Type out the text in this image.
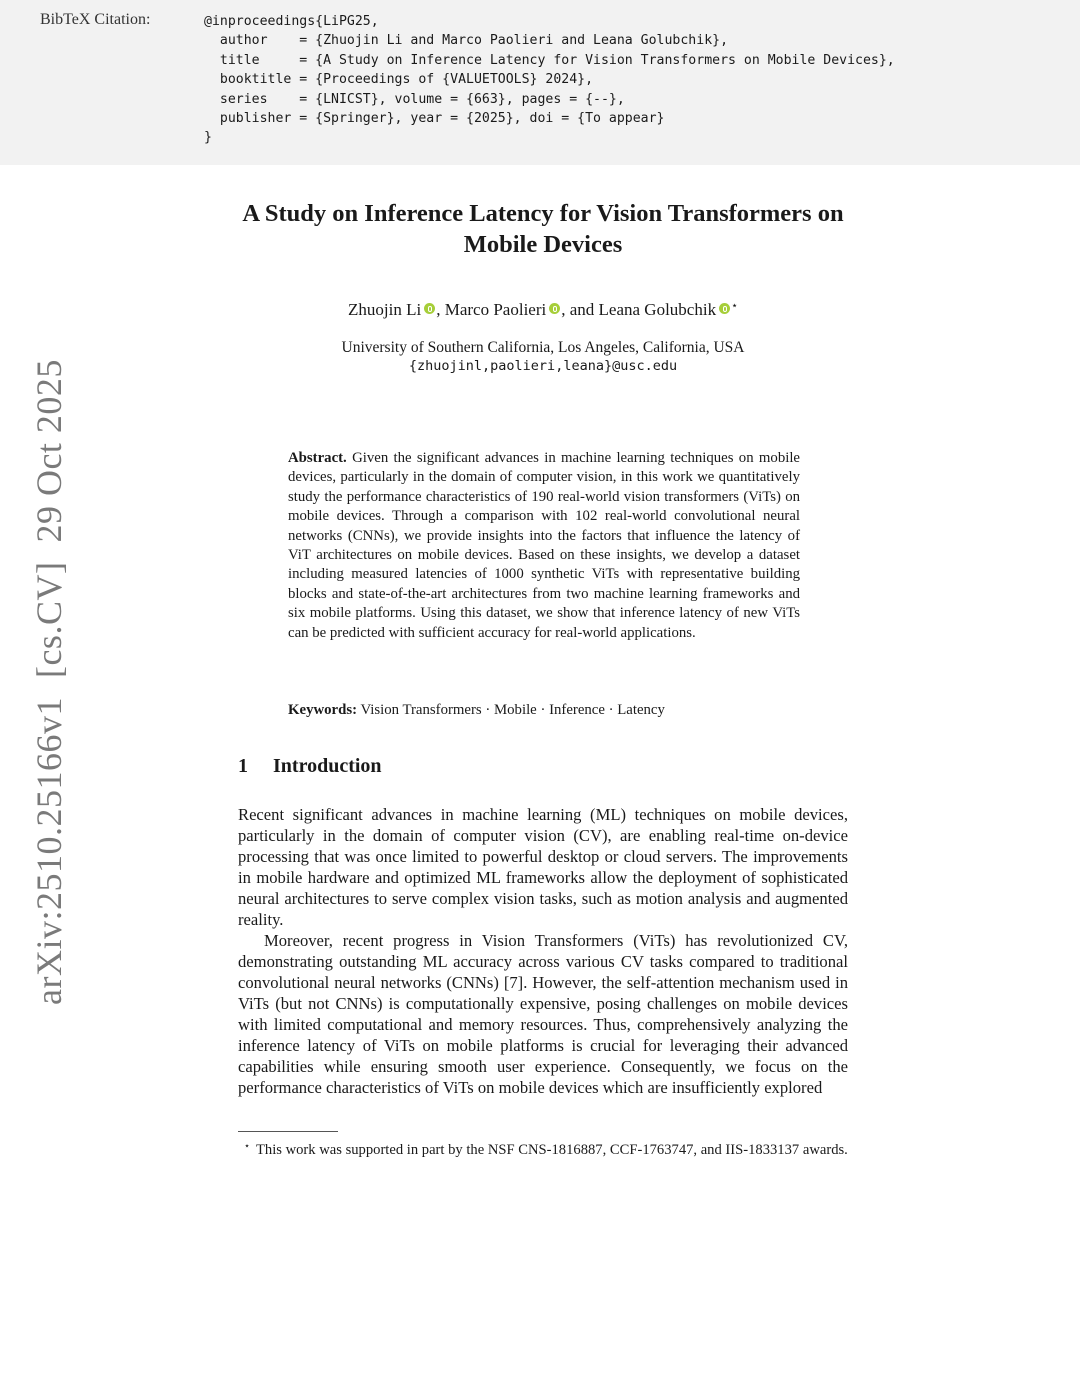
BibTeX Citation:	@inproceedings{LiPG25,
author    = {Zhuojin Li and Marco Paolieri and Leana Golubchik},
title     = {A Study on Inference Latency for Vision Transformers on Mobile Devices},
booktitle = {Proceedings of {VALUETOOLS} 2024},
series    = {LNICST}, volume = {663}, pages = {--},
publisher = {Springer}, year = {2025}, doi = {To appear}
}
arXiv:2510.25166v1  [cs.CV]  29 Oct 2025
A Study on Inference Latency for Vision Transformers on Mobile Devices
Zhuojin Li , Marco Paolieri , and Leana Golubchik ⋆
University of Southern California, Los Angeles, California, USA
{zhuojinl,paolieri,leana}@usc.edu
Abstract. Given the significant advances in machine learning techniques on mobile devices, particularly in the domain of computer vision, in this work we quantitatively study the performance characteristics of 190 real-world vision transformers (ViTs) on mobile devices. Through a comparison with 102 real-world convolutional neural networks (CNNs), we provide insights into the factors that influence the latency of ViT architectures on mobile devices. Based on these insights, we develop a dataset including measured latencies of 1000 synthetic ViTs with representative building blocks and state-of-the-art architectures from two machine learning frameworks and six mobile platforms. Using this dataset, we show that inference latency of new ViTs can be predicted with sufficient accuracy for real-world applications.
Keywords: Vision Transformers · Mobile · Inference · Latency
1 Introduction

Recent significant advances in machine learning (ML) techniques on mobile devices, particularly in the domain of computer vision (CV), are enabling real-time on-device processing that was once limited to powerful desktop or cloud servers. The improvements in mobile hardware and optimized ML frameworks allow the deployment of sophisticated neural architectures to serve complex vision tasks, such as motion analysis and augmented reality.

Moreover, recent progress in Vision Transformers (ViTs) has revolutionized CV, demonstrating outstanding ML accuracy across various CV tasks compared to traditional convolutional neural networks (CNNs) [7]. However, the self-attention mechanism used in ViTs (but not CNNs) is computationally expensive, posing challenges on mobile devices with limited computational and memory resources. Thus, comprehensively analyzing the inference latency of ViTs on mobile platforms is crucial for leveraging their advanced capabilities while ensuring smooth user experience. Consequently, we focus on the performance characteristics of ViTs on mobile devices which are insufficiently explored

⋆ This work was supported in part by the NSF CNS-1816887, CCF-1763747, and IIS-1833137 awards.
